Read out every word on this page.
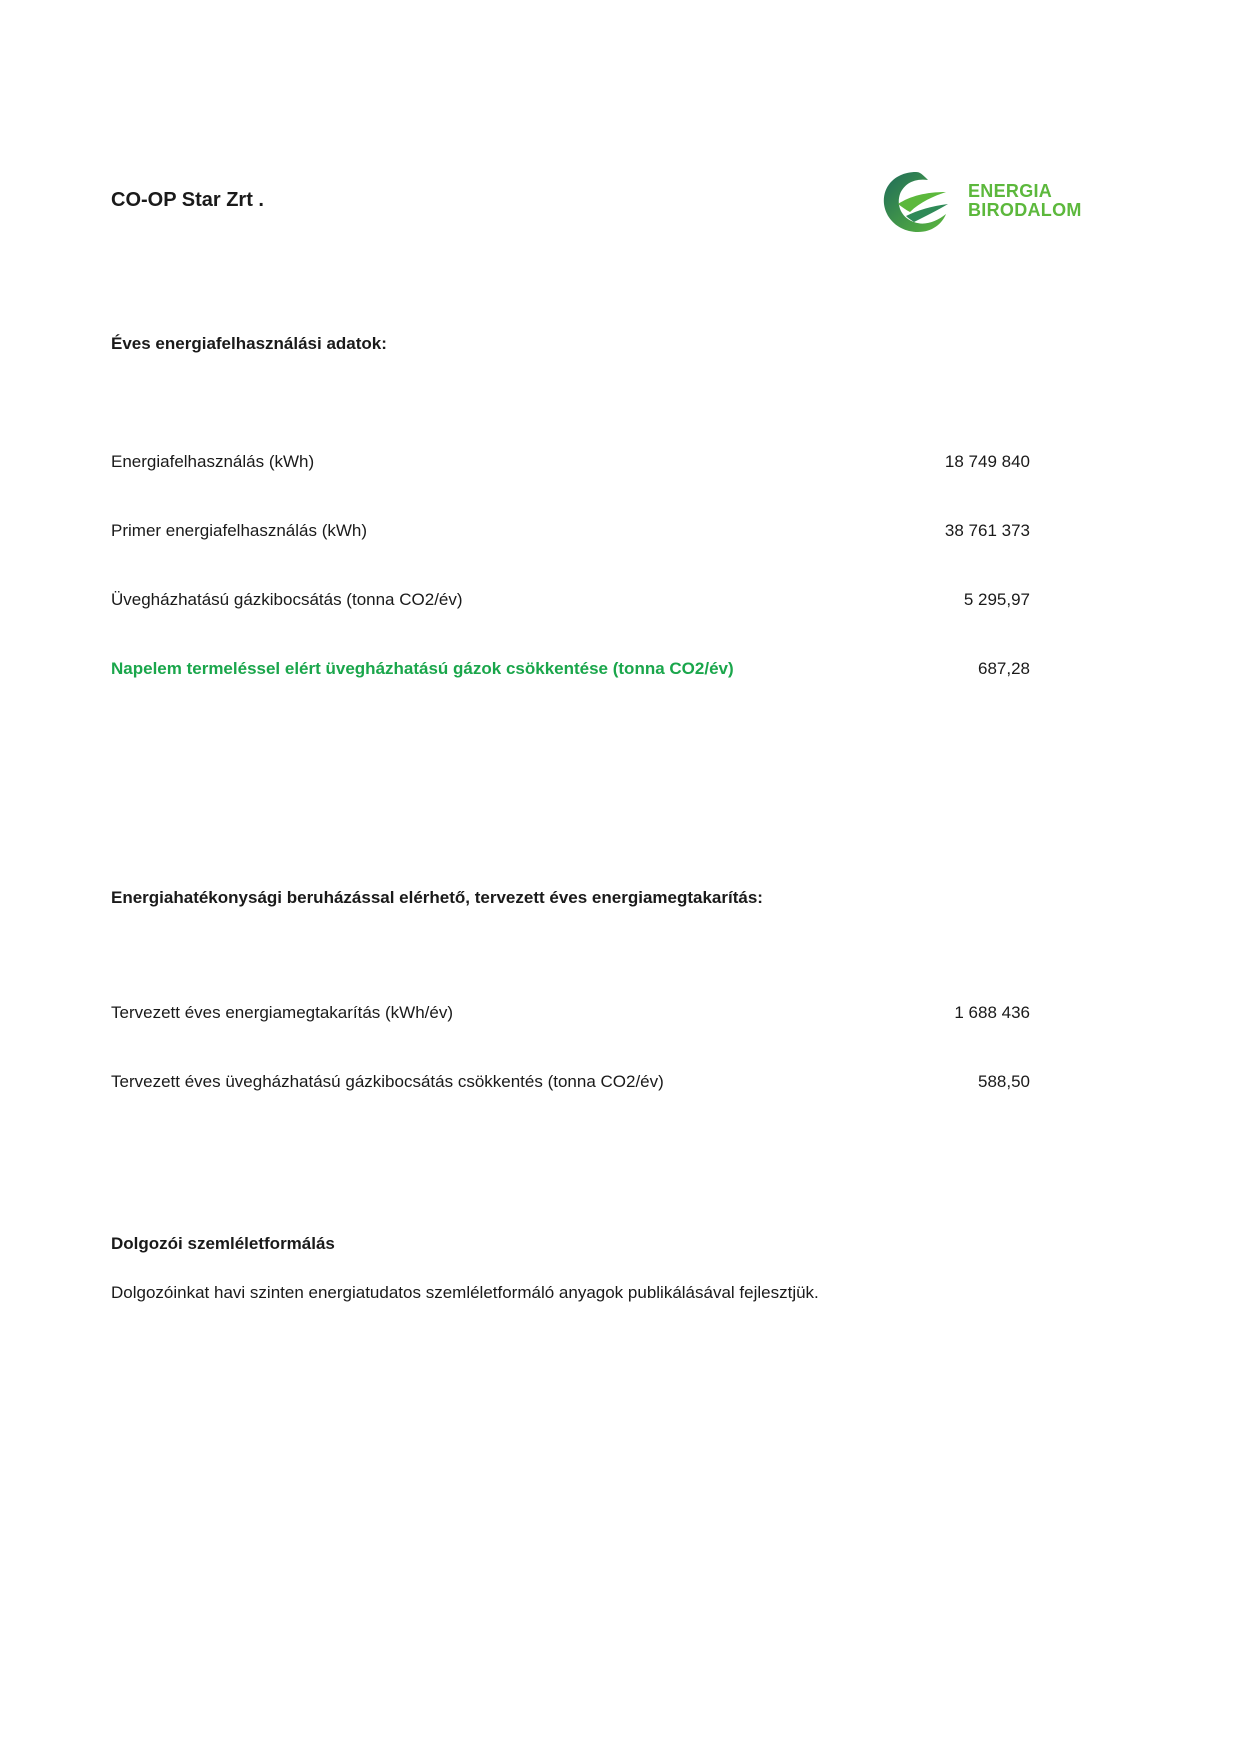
CO-OP Star Zrt .	ENERGIA
BIRODALOM
Éves energiafelhasználási adatok:
Energiafelhasználás (kWh)	18 749 840
Primer energiafelhasználás (kWh)	38 761 373
Üvegházhatású gázkibocsátás (tonna CO2/év)	5 295,97
Napelem termeléssel elért üvegházhatású gázok csökkentése (tonna CO2/év)	687,28
Energiahatékonysági beruházással elérhető, tervezett éves energiamegtakarítás:
Tervezett éves energiamegtakarítás (kWh/év)	1 688 436
Tervezett éves üvegházhatású gázkibocsátás csökkentés (tonna CO2/év)	588,50
Dolgozói szemléletformálás
Dolgozóinkat havi szinten energiatudatos szemléletformáló anyagok publikálásával fejlesztjük.
